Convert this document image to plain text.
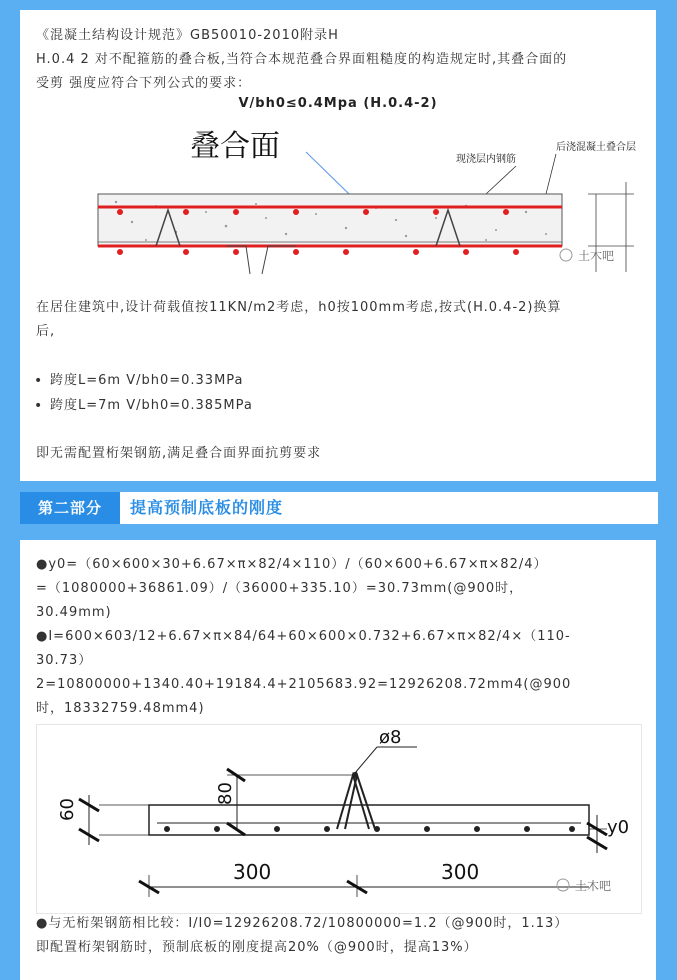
《混凝土结构设计规范》GB50010-2010附录H
H.0.4 2 对不配箍筋的叠合板,当符合本规范叠合界面粗糙度的构造规定时,其叠合面的
受剪 强度应符合下列公式的要求：
V/bh0≤0.4Mpa (H.0.4-2)
叠合面	现浇层内钢筋
后浇混凝土叠合层
土木吧
在居住建筑中,设计荷载值按11KN/m2考虑，h0按100mm考虑,按式(H.0.4-2)换算
后,
• 跨度L=6m V/bh0=0.33MPa
• 跨度L=7m V/bh0=0.385MPa
即无需配置桁架钢筋,满足叠合面界面抗剪要求
第二部分	提高预制底板的刚度
●y0=（60×600×30+6.67×π×82/4×110）/（60×600+6.67×π×82/4）
=（1080000+36861.09）/（36000+335.10）=30.73mm(@900时，
30.49mm)
●I=600×603/12+6.67×π×84/64+60×600×0.732+6.67×π×82/4×（110-
30.73）
2=10800000+1340.40+19184.4+2105683.92=12926208.72mm4(@900
时，18332759.48mm4)
ø8
80
60
y0
300	300
土木吧
●与无桁架钢筋相比较：I/I0=12926208.72/10800000=1.2（@900时，1.13）
即配置桁架钢筋时，预制底板的刚度提高20%（@900时，提高13%）
